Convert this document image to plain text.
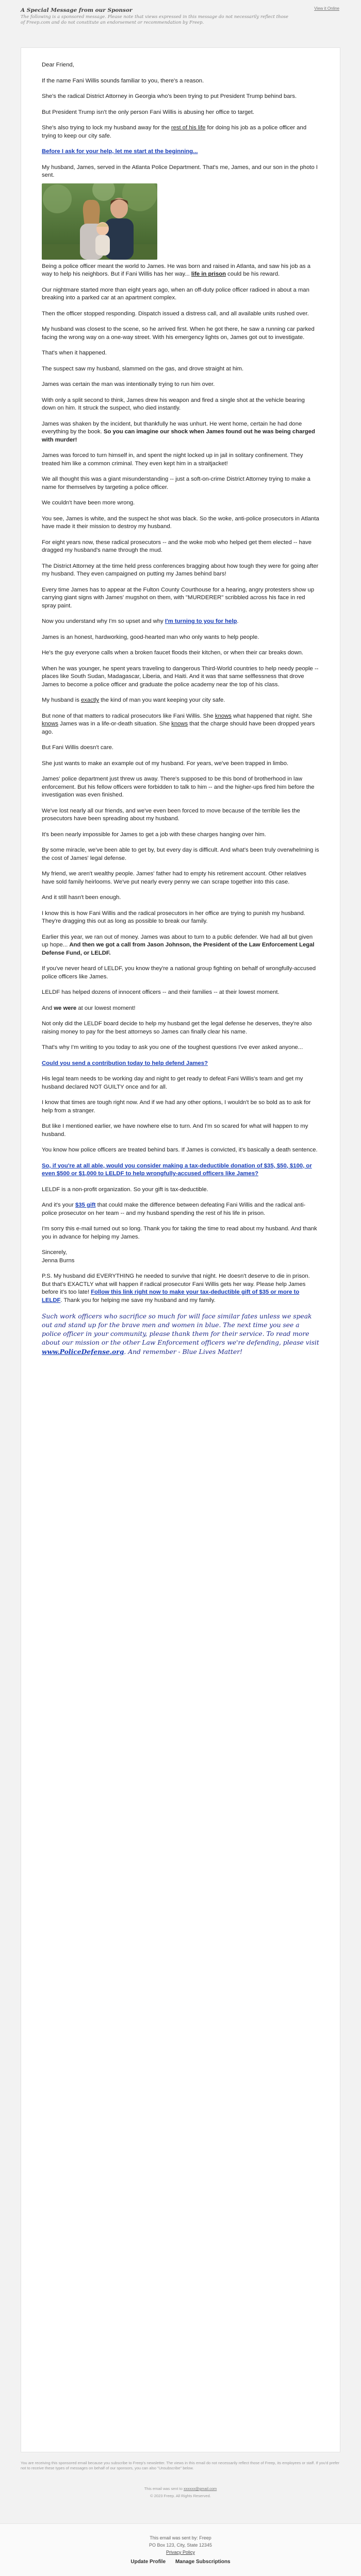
A Special Message from our Sponsor
The following is a sponsored message. Please note that views expressed in this message do not necessarily reflect those of Freep.com and do not constitute an endorsement or recommendation by Freep.
View it Online

Dear Friend,

If the name Fani Willis sounds familiar to you, there's a reason.

She's the radical District Attorney in Georgia who's been trying to put President Trump behind bars.

But President Trump isn't the only person Fani Willis is abusing her office to target.

She's also trying to lock my husband away for the rest of his life for doing his job as a police officer and trying to keep our city safe.

Before I ask for your help, let me start at the beginning...

My husband, James, served in the Atlanta Police Department. That's me, James, and our son in the photo I sent.

Being a police officer meant the world to James. He was born and raised in Atlanta, and saw his job as a way to help his neighbors. But if Fani Willis has her way... life in prison could be his reward.

Our nightmare started more than eight years ago, when an off-duty police officer radioed in about a man breaking into a parked car at an apartment complex.

Then the officer stopped responding. Dispatch issued a distress call, and all available units rushed over.

My husband was closest to the scene, so he arrived first. When he got there, he saw a running car parked facing the wrong way on a one-way street. With his emergency lights on, James got out to investigate.

That's when it happened.

The suspect saw my husband, slammed on the gas, and drove straight at him.

James was certain the man was intentionally trying to run him over.

With only a split second to think, James drew his weapon and fired a single shot at the vehicle bearing down on him. It struck the suspect, who died instantly.

James was shaken by the incident, but thankfully he was unhurt. He went home, certain he had done everything by the book. So you can imagine our shock when James found out he was being charged with murder!

James was forced to turn himself in, and spent the night locked up in jail in solitary confinement. They treated him like a common criminal. They even kept him in a straitjacket!

We all thought this was a giant misunderstanding -- just a soft-on-crime District Attorney trying to make a name for themselves by targeting a police officer.

We couldn't have been more wrong.

You see, James is white, and the suspect he shot was black. So the woke, anti-police prosecutors in Atlanta have made it their mission to destroy my husband.

For eight years now, these radical prosecutors -- and the woke mob who helped get them elected -- have dragged my husband's name through the mud.

The District Attorney at the time held press conferences bragging about how tough they were for going after my husband. They even campaigned on putting my James behind bars!

Every time James has to appear at the Fulton County Courthouse for a hearing, angry protesters show up carrying giant signs with James' mugshot on them, with "MURDERER" scribbled across his face in red spray paint.

Now you understand why I'm so upset and why I'm turning to you for help.

James is an honest, hardworking, good-hearted man who only wants to help people.

He's the guy everyone calls when a broken faucet floods their kitchen, or when their car breaks down.

When he was younger, he spent years traveling to dangerous Third-World countries to help needy people -- places like South Sudan, Madagascar, Liberia, and Haiti. And it was that same selflessness that drove James to become a police officer and graduate the police academy near the top of his class.

My husband is exactly the kind of man you want keeping your city safe.

But none of that matters to radical prosecutors like Fani Willis. She knows what happened that night. She knows James was in a life-or-death situation. She knows that the charge should have been dropped years ago.

But Fani Willis doesn't care.

She just wants to make an example out of my husband. For years, we've been trapped in limbo.

James' police department just threw us away. There's supposed to be this bond of brotherhood in law enforcement. But his fellow officers were forbidden to talk to him -- and the higher-ups fired him before the investigation was even finished.

We've lost nearly all our friends, and we've even been forced to move because of the terrible lies the prosecutors have been spreading about my husband.

It's been nearly impossible for James to get a job with these charges hanging over him.

By some miracle, we've been able to get by, but every day is difficult. And what's been truly overwhelming is the cost of James' legal defense.

My friend, we aren't wealthy people. James' father had to empty his retirement account. Other relatives have sold family heirlooms. We've put nearly every penny we can scrape together into this case.

And it still hasn't been enough.

I know this is how Fani Willis and the radical prosecutors in her office are trying to punish my husband. They're dragging this out as long as possible to break our family.

Earlier this year, we ran out of money. James was about to turn to a public defender. We had all but given up hope... And then we got a call from Jason Johnson, the President of the Law Enforcement Legal Defense Fund, or LELDF.

If you've never heard of LELDF, you know they're a national group fighting on behalf of wrongfully-accused police officers like James.

LELDF has helped dozens of innocent officers -- and their families -- at their lowest moment.

And we were at our lowest moment!

Not only did the LELDF board decide to help my husband get the legal defense he deserves, they're also raising money to pay for the best attorneys so James can finally clear his name.

That's why I'm writing to you today to ask you one of the toughest questions I've ever asked anyone...

Could you send a contribution today to help defend James?

His legal team needs to be working day and night to get ready to defeat Fani Willis's team and get my husband declared NOT GUILTY once and for all.

I know that times are tough right now. And if we had any other options, I wouldn't be so bold as to ask for help from a stranger.

But like I mentioned earlier, we have nowhere else to turn. And I'm so scared for what will happen to my husband.

You know how police officers are treated behind bars. If James is convicted, it's basically a death sentence.

So, if you're at all able, would you consider making a tax-deductible donation of $35, $50, $100, or even $500 or $1,000 to LELDF to help wrongfully-accused officers like James?

LELDF is a non-profit organization. So your gift is tax-deductible.

And it's your $35 gift that could make the difference between defeating Fani Willis and the radical anti-police prosecutor on her team -- and my husband spending the rest of his life in prison.

I'm sorry this e-mail turned out so long. Thank you for taking the time to read about my husband. And thank you in advance for helping my James.

Sincerely,

Jenna Burns

P.S. My husband did EVERYTHING he needed to survive that night. He doesn't deserve to die in prison. But that's EXACTLY what will happen if radical prosecutor Fani Willis gets her way. Please help James before it's too late! Follow this link right now to make your tax-deductible gift of $35 or more to LELDF. Thank you for helping me save my husband and my family.

Such work officers who sacrifice so much for will face similar fates unless we speak out and stand up for the brave men and women in blue. The next time you see a police officer in your community, please thank them for their service. To read more about our mission or the other Law Enforcement officers we're defending, please visit www.PoliceDefense.org. And remember - Blue Lives Matter!

You are receiving this sponsored email because you subscribe to Freep's newsletter. The views in this email do not necessarily reflect those of Freep, its employees or staff. If you'd prefer not to receive these types of messages on behalf of our sponsors, you can also "Unsubscribe" below.
This email was sent to xxxxxx@gmail.com
© 2023 Freep. All Rights Reserved.
This email was sent by: Freep
PO Box 123, City, State 12345
Privacy Policy
Update Profile Manage Subscriptions
